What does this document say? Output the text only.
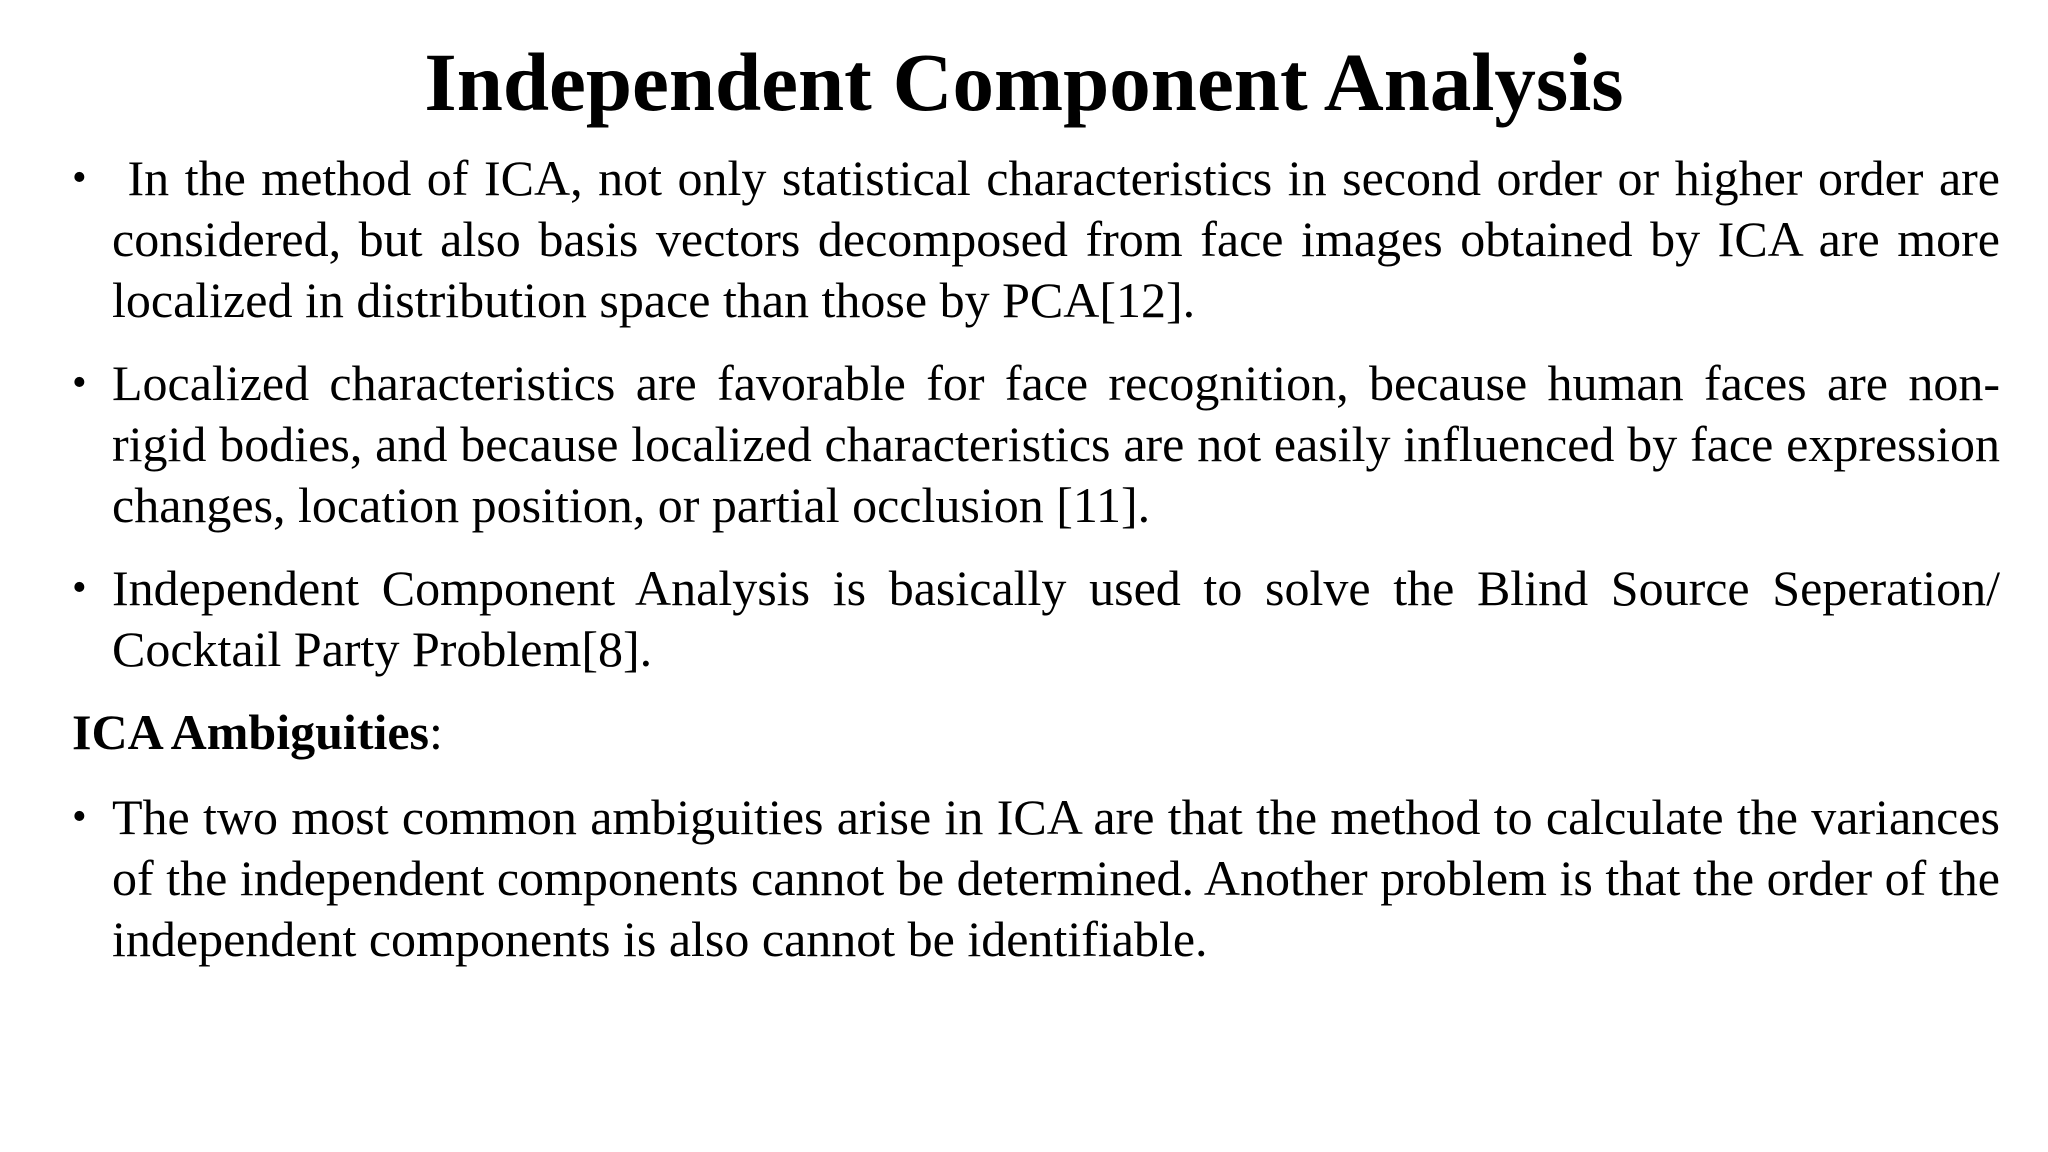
Independent Component Analysis
• In the method of ICA, not only statistical characteristics in second order or higher order are considered, but also basis vectors decomposed from face images obtained by ICA are more localized in distribution space than those by PCA[12].
• Localized characteristics are favorable for face recognition, because human faces are non-rigid bodies, and because localized characteristics are not easily influenced by face expression changes, location position, or partial occlusion [11].
• Independent Component Analysis is basically used to solve the Blind Source Seperation/ Cocktail Party Problem[8].
ICA Ambiguities:
• The two most common ambiguities arise in ICA are that the method to calculate the variances of the independent components cannot be determined. Another problem is that the order of the independent components is also cannot be identifiable.
